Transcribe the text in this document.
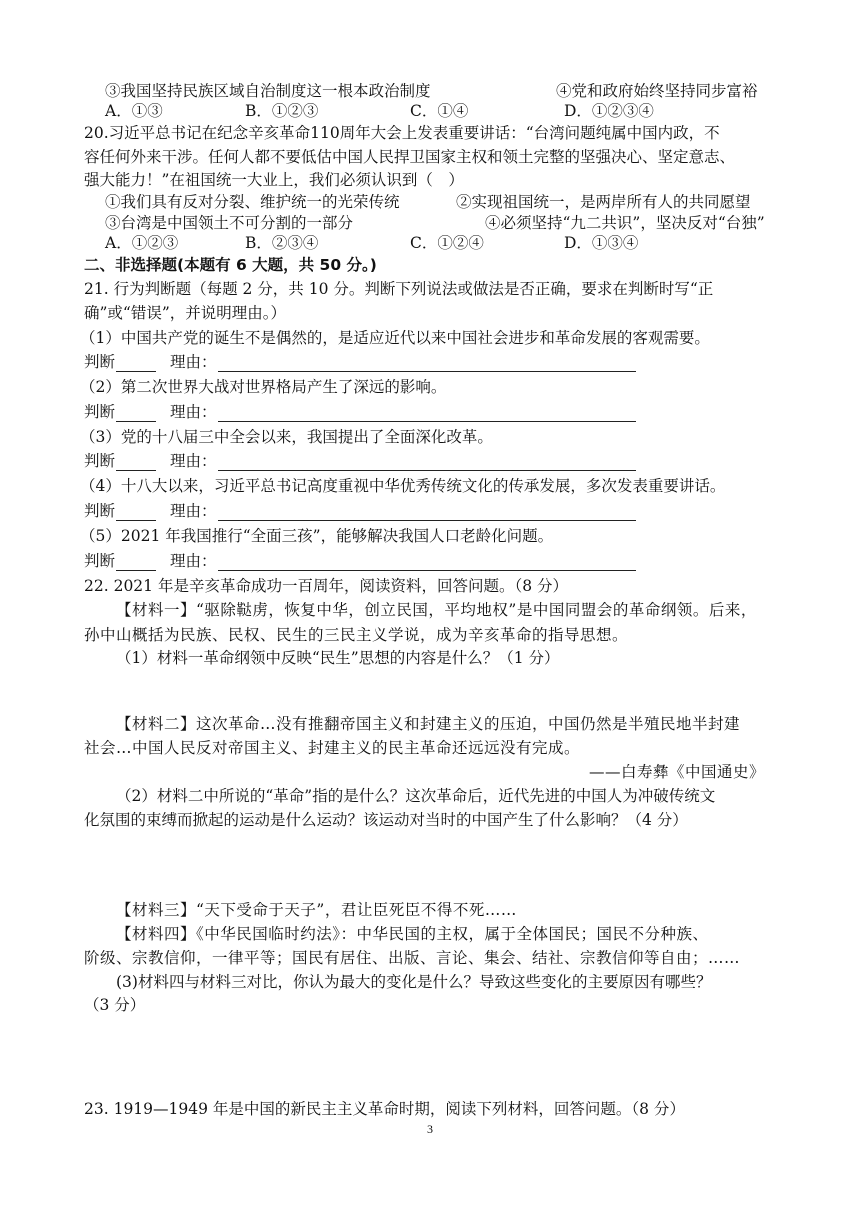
③我国坚持民族区域自治制度这一根本政治制度	④党和政府始终坚持同步富裕
A．①③	B．①②③	C．①④	D．①②③④
20.习近平总书记在纪念辛亥革命110周年大会上发表重要讲话：“台湾问题纯属中国内政，不
容任何外来干涉。任何人都不要低估中国人民捍卫国家主权和领土完整的坚强决心、坚定意志、
强大能力！”在祖国统一大业上，我们必须认识到（　）
①我们具有反对分裂、维护统一的光荣传统	②实现祖国统一，是两岸所有人的共同愿望
③台湾是中国领土不可分割的一部分	④必须坚持“九二共识”，坚决反对“台独”
A．①②③	B．②③④	C．①②④	D．①③④
二、非选择题(本题有 6 大题，共 50 分。)
21. 行为判断题（每题 2 分，共 10 分。判断下列说法或做法是否正确，要求在判断时写“正
确”或“错误”，并说明理由。）
（1）中国共产党的诞生不是偶然的，是适应近代以来中国社会进步和革命发展的客观需要。
判断	理由：
（2）第二次世界大战对世界格局产生了深远的影响。
判断	理由：
（3）党的十八届三中全会以来，我国提出了全面深化改革。
判断	理由：
（4）十八大以来，习近平总书记高度重视中华优秀传统文化的传承发展，多次发表重要讲话。
判断	理由：
（5）2021 年我国推行“全面三孩”，能够解决我国人口老龄化问题。
判断	理由：
22. 2021 年是辛亥革命成功一百周年，阅读资料，回答问题。（8 分）
【材料一】“驱除鞑虏，恢复中华，创立民国，平均地权”是中国同盟会的革命纲领。后来，
孙中山概括为民族、民权、民生的三民主义学说，成为辛亥革命的指导思想。
（1）材料一革命纲领中反映“民生”思想的内容是什么？（1 分）
【材料二】这次革命…没有推翻帝国主义和封建主义的压迫，中国仍然是半殖民地半封建
社会…中国人民反对帝国主义、封建主义的民主革命还远远没有完成。
——白寿彝《中国通史》
（2）材料二中所说的“革命”指的是什么？这次革命后，近代先进的中国人为冲破传统文
化氛围的束缚而掀起的运动是什么运动？该运动对当时的中国产生了什么影响？（4 分）
【材料三】“天下受命于天子”，君让臣死臣不得不死……
【材料四】《中华民国临时约法》：中华民国的主权，属于全体国民；国民不分种族、
阶级、宗教信仰，一律平等；国民有居住、出版、言论、集会、结社、宗教信仰等自由；……
(3)材料四与材料三对比，你认为最大的变化是什么？导致这些变化的主要原因有哪些？
（3 分）
23. 1919—1949 年是中国的新民主主义革命时期，阅读下列材料，回答问题。（8 分）
3
